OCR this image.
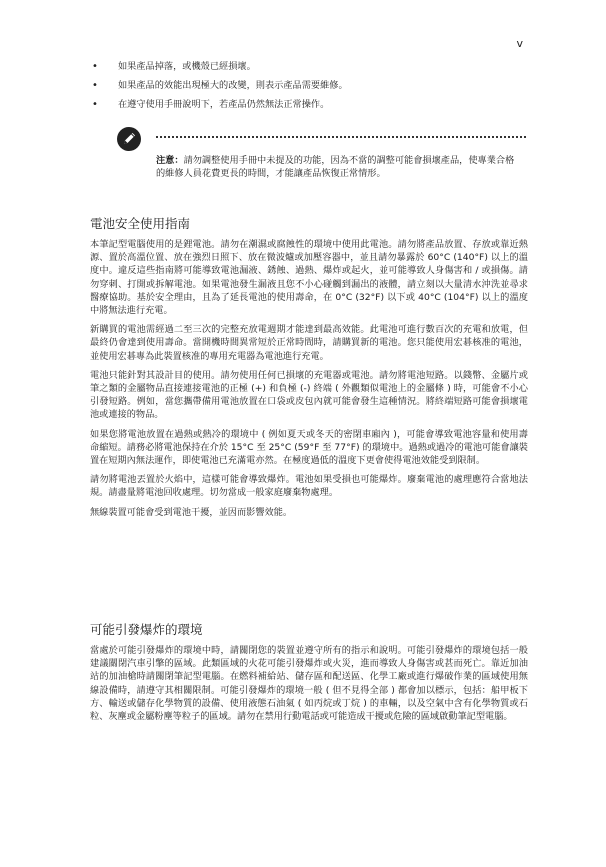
v
• 如果產品掉落，或機殼已經損壞。
• 如果產品的效能出現極大的改變，則表示產品需要維修。
• 在遵守使用手冊說明下，若產品仍然無法正常操作。
注意：請勿調整使用手冊中未提及的功能，因為不當的調整可能會損壞產品，使專業合格的維修人員花費更長的時間，才能讓產品恢復正常情形。
電池安全使用指南

本筆記型電腦使用的是鋰電池。請勿在潮濕或腐蝕性的環境中使用此電池。請勿將產品放置、存放或靠近熱源、置於高溫位置、放在強烈日照下、放在微波爐或加壓容器中，並且請勿暴露於 60°C (140°F) 以上的溫度中。違反這些指南將可能導致電池漏液、銹蝕、過熱、爆炸或起火，並可能導致人身傷害和 / 或損傷。請勿穿刺、打開或拆解電池。如果電池發生漏液且您不小心碰觸到漏出的液體，請立刻以大量清水沖洗並尋求醫療協助。基於安全理由，且為了延長電池的使用壽命，在 0°C (32°F) 以下或 40°C (104°F) 以上的溫度中將無法進行充電。

新購買的電池需經過二至三次的完整充放電週期才能達到最高效能。此電池可進行數百次的充電和放電，但最終仍會達到使用壽命。當開機時間異常短於正常時間時，請購買新的電池。您只能使用宏碁核准的電池，並使用宏碁專為此裝置核准的專用充電器為電池進行充電。

電池只能針對其設計目的使用。請勿使用任何已損壞的充電器或電池。請勿將電池短路。以錢幣、金屬片或筆之類的金屬物品直接連接電池的正極 (+) 和負極 (-) 終端 ( 外觀類似電池上的金屬條 ) 時，可能會不小心引發短路。例如，當您攜帶備用電池放置在口袋或皮包內就可能會發生這種情況。將終端短路可能會損壞電池或連接的物品。

如果您將電池放置在過熱或熱冷的環境中 ( 例如夏天或冬天的密閉車廂內 )，可能會導致電池容量和使用壽命縮短。請務必將電池保持在介於 15°C 至 25°C (59°F 至 77°F) 的環境中。過熱或過冷的電池可能會讓裝置在短期內無法運作，即使電池已充滿電亦然。在極度過低的溫度下更會使得電池效能受到限制。

請勿將電池丟置於火焰中，這樣可能會導致爆炸。電池如果受損也可能爆炸。廢棄電池的處理應符合當地法規。請盡量將電池回收處理。切勿當成一般家庭廢棄物處理。

無線裝置可能會受到電池干擾，並因而影響效能。

可能引發爆炸的環境

當處於可能引發爆炸的環境中時，請關閉您的裝置並遵守所有的指示和說明。可能引發爆炸的環境包括一般建議關閉汽車引擎的區域。此類區域的火花可能引發爆炸或火災，進而導致人身傷害或甚而死亡。靠近加油站的加油槍時請關閉筆記型電腦。在燃料補給站、儲存區和配送區、化學工廠或進行爆破作業的區域使用無線設備時，請遵守其相關限制。可能引發爆炸的環境一般 ( 但不見得全部 ) 都會加以標示，包括：船甲板下方、輸送或儲存化學物質的設備、使用液態石油氣 ( 如丙烷或丁烷 ) 的車輛，以及空氣中含有化學物質或石粒、灰塵或金屬粉塵等粒子的區域。請勿在禁用行動電話或可能造成干擾或危險的區域啟動筆記型電腦。
